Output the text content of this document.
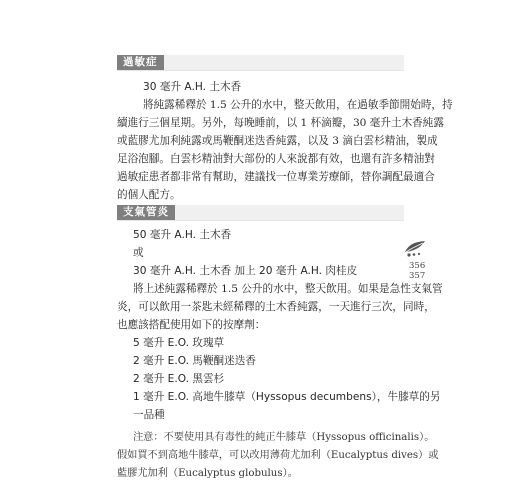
過敏症
30 毫升 A.H. 土木香
將純露稀釋於 1.5 公升的水中，整天飲用，在過敏季節開始時，持
續進行三個星期。另外，每晚睡前，以 1 杯滴瓣，30 毫升土木香純露
或藍膠尤加利純露或馬鞭酮迷迭香純露，以及 3 滴白雲杉精油，製成
足浴泡腳。白雲杉精油對大部份的人來說都有效，也還有許多精油對
過敏症患者都非常有幫助，建議找一位專業芳療師，替你調配最適合
的個人配方。
支氣管炎
50 毫升 A.H. 土木香
或
30 毫升 A.H. 土木香 加上 20 毫升 A.H. 肉桂皮
將上述純露稀釋於 1.5 公升的水中，整天飲用。如果是急性支氣管
炎，可以飲用一茶匙未經稀釋的土木香純露，一天進行三次，同時，
也應該搭配使用如下的按摩劑：
5 毫升 E.O. 玫瑰草
2 毫升 E.O. 馬鞭酮迷迭香
2 毫升 E.O. 黑雲杉
1 毫升 E.O. 高地牛膝草（Hyssopus decumbens），牛膝草的另
一品種
注意：不要使用具有毒性的純正牛膝草（Hyssopus officinalis）。
假如買不到高地牛膝草，可以改用薄荷尤加利（Eucalyptus dives）或
藍膠尤加利（Eucalyptus globulus）。
356
357
